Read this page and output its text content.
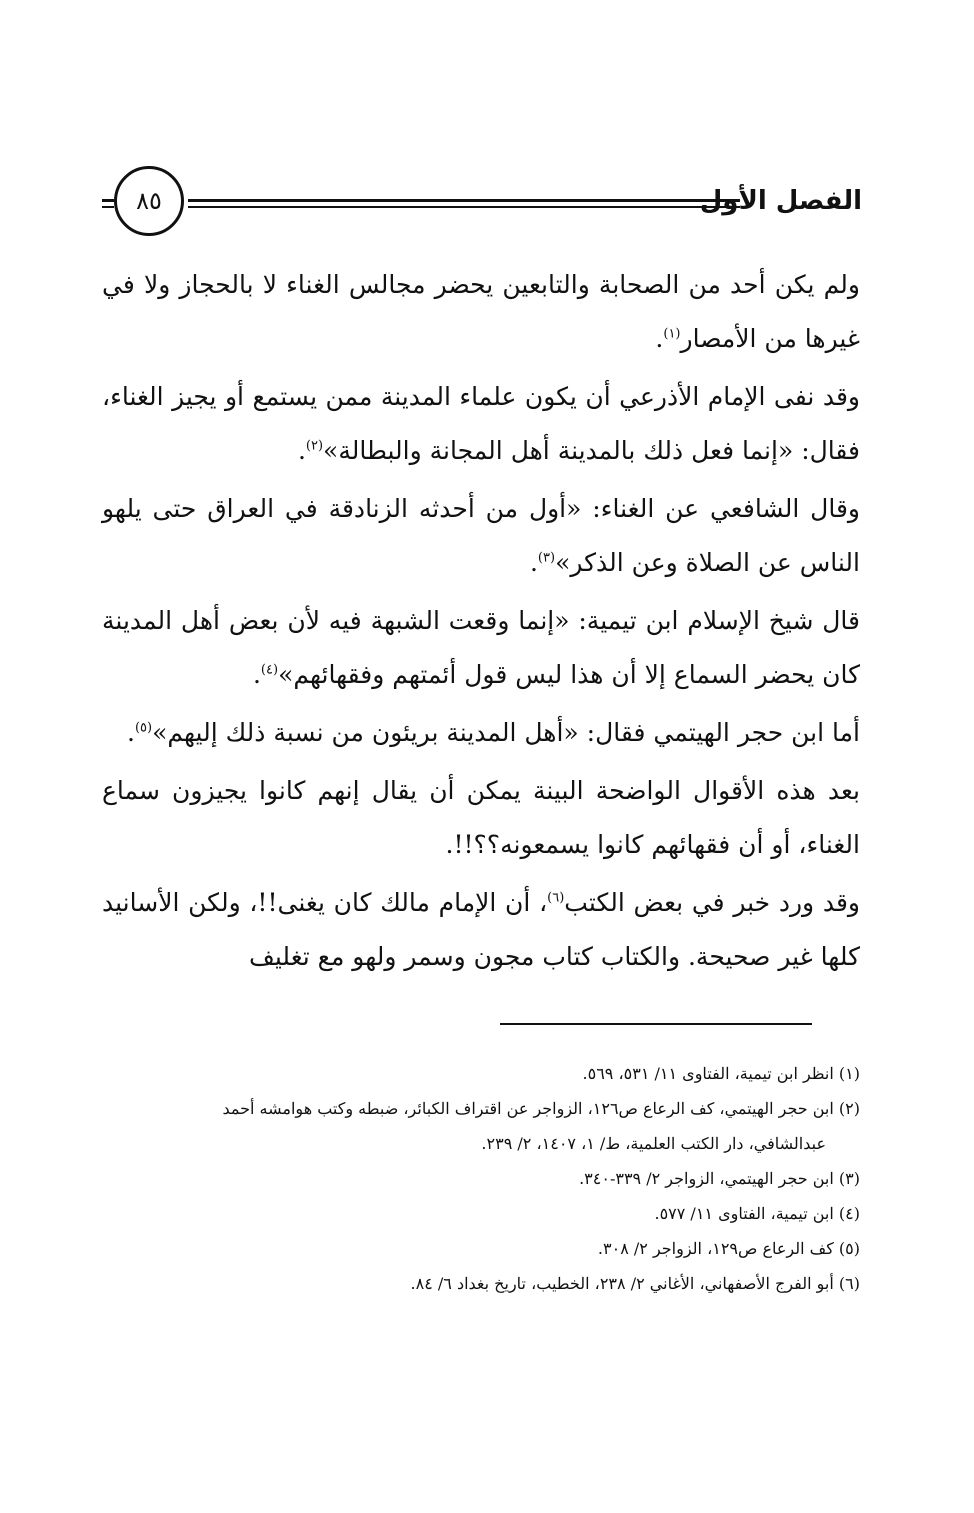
الفصل الأول
٨٥

ولم يكن أحد من الصحابة والتابعين يحضر مجالس الغناء لا بالحجاز ولا في غيرها من الأمصار$^{(١)}$.

وقد نفى الإمام الأذرعي أن يكون علماء المدينة ممن يستمع أو يجيز الغناء، فقال: «إنما فعل ذلك بالمدينة أهل المجانة والبطالة»$^{(٢)}$.

وقال الشافعي عن الغناء: «أول من أحدثه الزنادقة في العراق حتى يلهو الناس عن الصلاة وعن الذكر»$^{(٣)}$.

قال شيخ الإسلام ابن تيمية: «إنما وقعت الشبهة فيه لأن بعض أهل المدينة كان يحضر السماع إلا أن هذا ليس قول أئمتهم وفقهائهم»$^{(٤)}$.

أما ابن حجر الهيتمي فقال: «أهل المدينة بريئون من نسبة ذلك إليهم»$^{(٥)}$.

بعد هذه الأقوال الواضحة البينة يمكن أن يقال إنهم كانوا يجيزون سماع الغناء، أو أن فقهائهم كانوا يسمعونه؟؟!!.

وقد ورد خبر في بعض الكتب$^{(٦)}$، أن الإمام مالك كان يغنى!!، ولكن الأسانيد كلها غير صحيحة. والكتاب كتاب مجون وسمر ولهو مع تغليف

(١) انظر ابن تيمية، الفتاوى ١١/ ٥٣١، ٥٦٩.

(٢) ابن حجر الهيتمي، كف الرعاع ص١٢٦، الزواجر عن اقتراف الكبائر، ضبطه وكتب هوامشه أحمد

عبدالشافي، دار الكتب العلمية، ط/ ١، ١٤٠٧، ٢/ ٢٣٩.

(٣) ابن حجر الهيتمي، الزواجر ٢/ ٣٣٩-٣٤٠.

(٤) ابن تيمية، الفتاوى ١١/ ٥٧٧.

(٥) كف الرعاع ص١٢٩، الزواجر ٢/ ٣٠٨.

(٦) أبو الفرج الأصفهاني، الأغاني ٢/ ٢٣٨، الخطيب، تاريخ بغداد ٦/ ٨٤.
